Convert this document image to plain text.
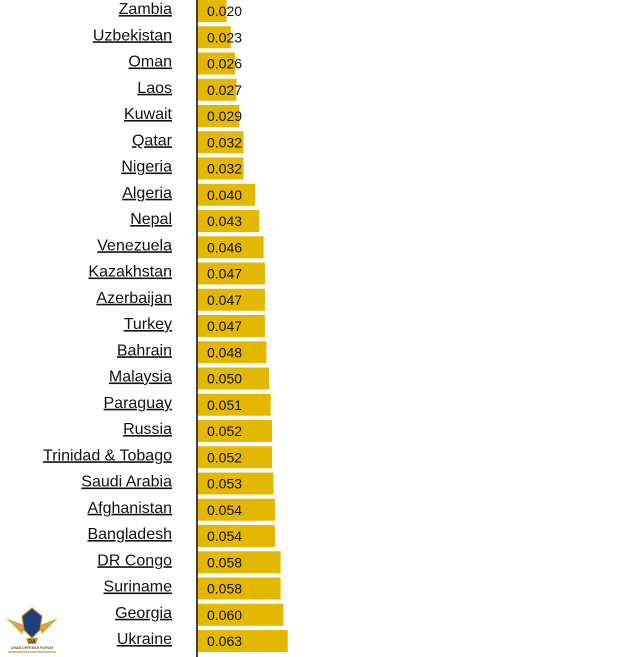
0.020
0.023
0.026
0.027
0.029
0.032
0.032
0.040
0.043
0.046
0.047
0.047
0.047
0.048
0.050
0.051
0.052
0.052
0.053
0.054
0.054
0.058
0.058
0.060
0.063
Zambia
Uzbekistan
Oman
Laos
Kuwait
Qatar
Nigeria
Algeria
Nepal
Venezuela
Kazakhstan
Azerbaijan
Turkey
Bahrain
Malaysia
Paraguay
Russia
Trinidad & Tobago
Saudi Arabia
Afghanistan
Bangladesh
DR Congo
Suriname
Georgia
Ukraine
DA
ARAB DEFENSE FORUM
